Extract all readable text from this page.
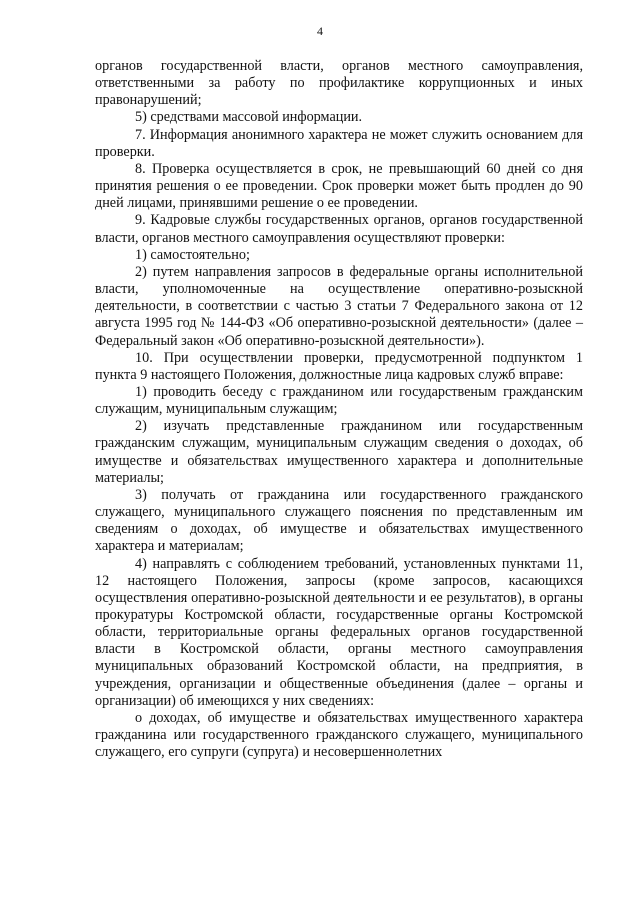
4

органов государственной власти, органов местного самоуправления, ответственными за работу по профилактике коррупционных и иных правонарушений;

5) средствами массовой информации.

7. Информация анонимного характера не может служить основанием для проверки.

8. Проверка осуществляется в срок, не превышающий 60 дней со дня принятия решения о ее проведении. Срок проверки может быть продлен до 90 дней лицами, принявшими решение о ее проведении.

9. Кадровые службы государственных органов, органов государственной власти, органов местного самоуправления осуществляют проверки:

1) самостоятельно;

2) путем направления запросов в федеральные органы исполнительной власти, уполномоченные на осуществление оперативно-розыскной деятельности, в соответствии с частью 3 статьи 7 Федерального закона от 12 августа 1995 год № 144-ФЗ «Об оперативно-розыскной деятельности» (далее – Федеральный закон «Об оперативно-розыскной деятельности»).

10. При осуществлении проверки, предусмотренной подпунктом 1 пункта 9 настоящего Положения, должностные лица кадровых служб вправе:

1) проводить беседу с гражданином или государственым гражданским служащим, муниципальным служащим;

2) изучать представленные гражданином или государственным гражданским служащим, муниципальным служащим сведения о доходах, об имуществе и обязательствах имущественного характера и дополнительные материалы;

3) получать от гражданина или государственного гражданского служащего, муниципального служащего пояснения по представленным им сведениям о доходах, об имуществе и обязательствах имущественного характера и материалам;

4) направлять с соблюдением требований, установленных пунктами 11, 12 настоящего Положения, запросы (кроме запросов, касающихся осуществления оперативно-розыскной деятельности и ее результатов), в органы прокуратуры Костромской области, государственные органы Костромской области, территориальные органы федеральных органов государственной власти в Костромской области, органы местного самоуправления муниципальных образований Костромской области, на предприятия, в учреждения, организации и общественные объединения (далее – органы и организации) об имеющихся у них сведениях:

о доходах, об имуществе и обязательствах имущественного характера гражданина или государственного гражданского служащего, муниципального служащего, его супруги (супруга) и несовершеннолетних
